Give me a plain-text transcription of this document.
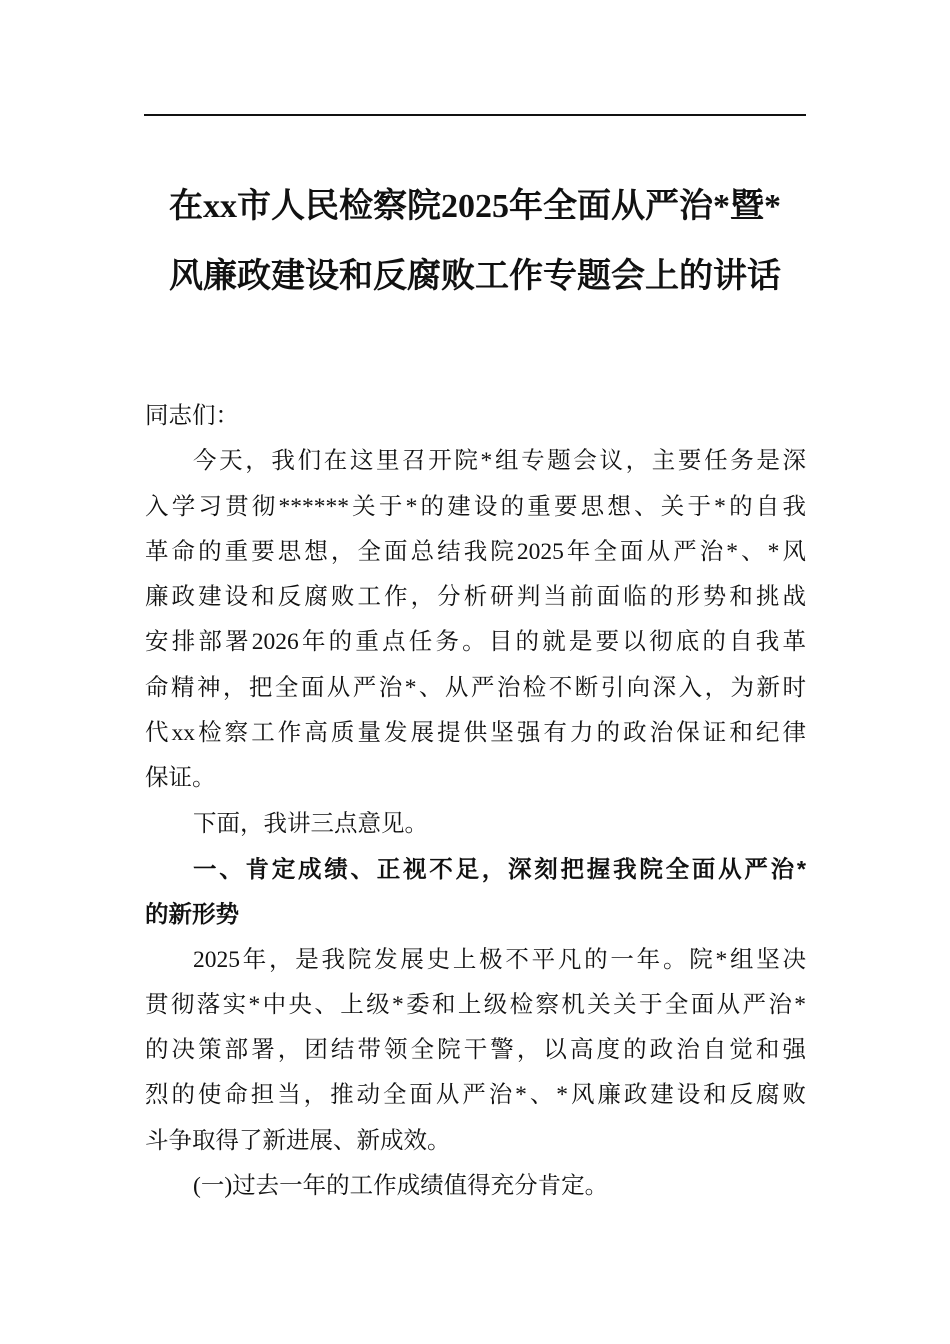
在xx市人民检察院2025年全面从严治*暨*
风廉政建设和反腐败工作专题会上的讲话
同志们：
今天，我们在这里召开院*组专题会议，主要任务是深
入学习贯彻******关于*的建设的重要思想、关于*的自我
革命的重要思想，全面总结我院2025年全面从严治*、*风
廉政建设和反腐败工作，分析研判当前面临的形势和挑战
安排部署2026年的重点任务。目的就是要以彻底的自我革
命精神，把全面从严治*、从严治检不断引向深入，为新时
代xx检察工作高质量发展提供坚强有力的政治保证和纪律
保证。
下面，我讲三点意见。
一、肯定成绩、正视不足，深刻把握我院全面从严治*
的新形势
2025年，是我院发展史上极不平凡的一年。院*组坚决
贯彻落实*中央、上级*委和上级检察机关关于全面从严治*
的决策部署，团结带领全院干警，以高度的政治自觉和强
烈的使命担当，推动全面从严治*、*风廉政建设和反腐败
斗争取得了新进展、新成效。
(一)过去一年的工作成绩值得充分肯定。
